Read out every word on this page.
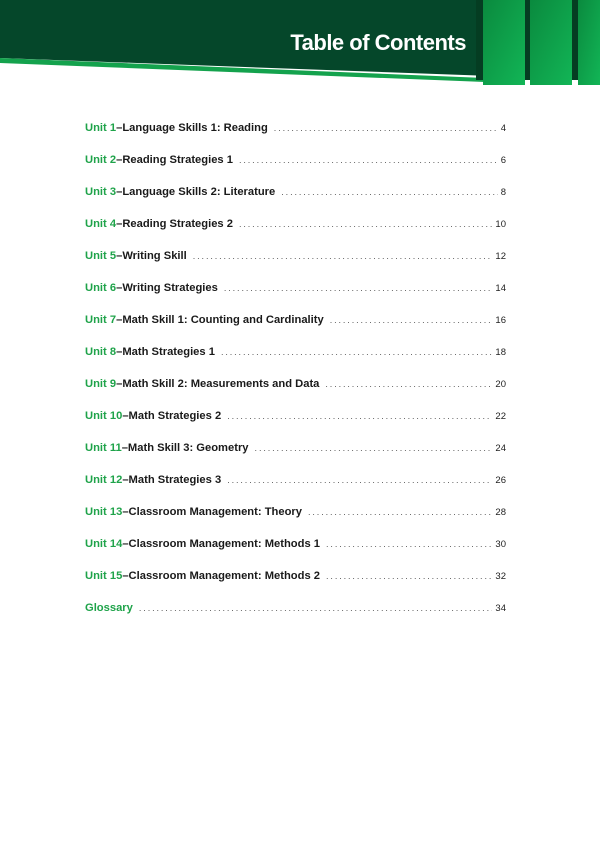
Table of Contents
Unit 1 – Language Skills 1: Reading . . .	4
Unit 2 – Reading Strategies 1 . . .	6
Unit 3 – Language Skills 2: Literature . . .	8
Unit 4 – Reading Strategies 2 . . .	10
Unit 5 – Writing Skill . . .	12
Unit 6 – Writing Strategies . . .	14
Unit 7 – Math Skill 1: Counting and Cardinality . . .	16
Unit 8 – Math Strategies 1 . . .	18
Unit 9 – Math Skill 2: Measurements and Data . . .	20
Unit 10 – Math Strategies 2 . . .	22
Unit 11 – Math Skill 3: Geometry . . .	24
Unit 12 – Math Strategies 3 . . .	26
Unit 13 – Classroom Management: Theory . . .	28
Unit 14 – Classroom Management: Methods 1 . . .	30
Unit 15 – Classroom Management: Methods 2 . . .	32
Glossary . . .	34
